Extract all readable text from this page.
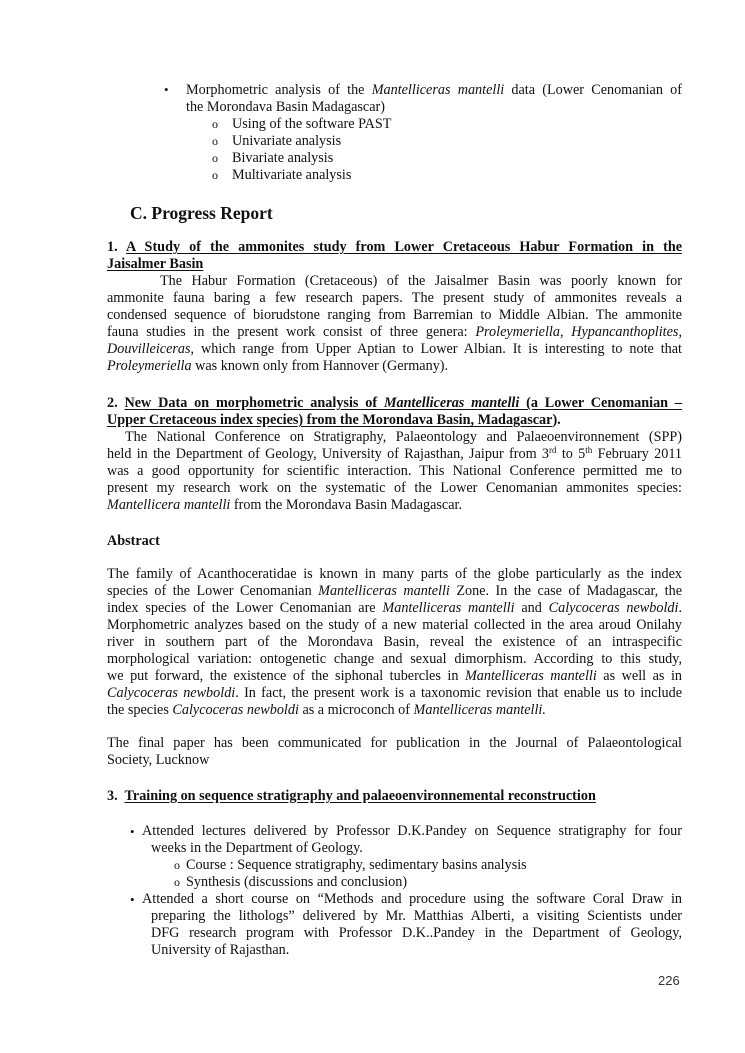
• Morphometric analysis of the Mantelliceras mantelli data (Lower Cenomanian of
the Morondava Basin Madagascar)
o Using of the software PAST
o Univariate analysis
o Bivariate analysis
o Multivariate analysis
C. Progress Report
1. A Study of the ammonites study from Lower Cretaceous Habur Formation in the
Jaisalmer Basin
The Habur Formation (Cretaceous) of the Jaisalmer Basin was poorly known for
ammonite fauna baring a few research papers. The present study of ammonites reveals a
condensed sequence of biorudstone ranging from Barremian to Middle Albian. The ammonite
fauna studies in the present work consist of three genera: Proleymeriella, Hypancanthoplites,
Douvilleiceras, which range from Upper Aptian to Lower Albian. It is interesting to note that
Proleymeriella was known only from Hannover (Germany).
2. New Data on morphometric analysis of Mantelliceras mantelli (a Lower Cenomanian –
Upper Cretaceous index species) from the Morondava Basin, Madagascar).
The National Conference on Stratigraphy, Palaeontology and Palaeoenvironnement (SPP)
held in the Department of Geology, University of Rajasthan, Jaipur from 3rd to 5th February 2011
was a good opportunity for scientific interaction. This National Conference permitted me to
present my research work on the systematic of the Lower Cenomanian ammonites species:
Mantellicera mantelli from the Morondava Basin Madagascar.
Abstract
The family of Acanthoceratidae is known in many parts of the globe particularly as the index
species of the Lower Cenomanian Mantelliceras mantelli Zone. In the case of Madagascar, the
index species of the Lower Cenomanian are Mantelliceras mantelli and Calycoceras newboldi.
Morphometric analyzes based on the study of a new material collected in the area aroud Onilahy
river in southern part of the Morondava Basin, reveal the existence of an intraspecific
morphological variation: ontogenetic change and sexual dimorphism. According to this study,
we put forward, the existence of the siphonal tubercles in Mantelliceras mantelli as well as in
Calycoceras newboldi. In fact, the present work is a taxonomic revision that enable us to include
the species Calycoceras newboldi as a microconch of Mantelliceras mantelli.
The final paper has been communicated for publication in the Journal of Palaeontological
Society, Lucknow
3. Training on sequence stratigraphy and palaeoenvironnemental reconstruction
• Attended lectures delivered by Professor D.K.Pandey on Sequence stratigraphy for four
weeks in the Department of Geology.
o Course : Sequence stratigraphy, sedimentary basins analysis
o Synthesis (discussions and conclusion)
• Attended a short course on “Methods and procedure using the software Coral Draw in
preparing the lithologs” delivered by Mr. Matthias Alberti, a visiting Scientists under
DFG research program with Professor D.K..Pandey in the Department of Geology,
University of Rajasthan.
226
